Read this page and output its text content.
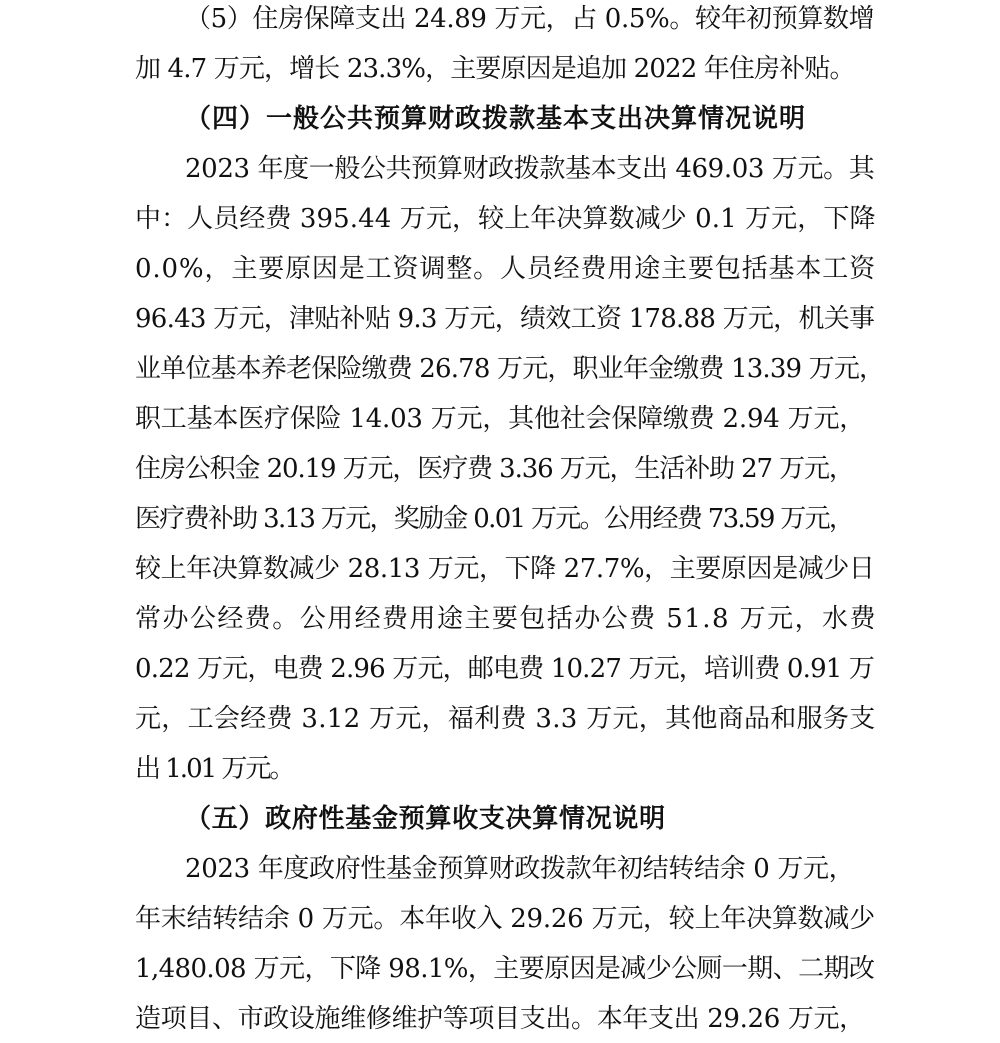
（5）住房保障支出 24.89 万元，占 0.5%。较年初预算数增
加 4.7 万元，增长 23.3%，主要原因是追加 2022 年住房补贴。
（四）一般公共预算财政拨款基本支出决算情况说明
2023 年度一般公共预算财政拨款基本支出 469.03 万元。其
中：人员经费 395.44 万元，较上年决算数减少 0.1 万元，下降
0.0%，主要原因是工资调整。人员经费用途主要包括基本工资
96.43 万元，津贴补贴 9.3 万元，绩效工资 178.88 万元，机关事
业单位基本养老保险缴费 26.78 万元，职业年金缴费 13.39 万元，
职工基本医疗保险 14.03 万元，其他社会保障缴费 2.94 万元，
住房公积金 20.19 万元，医疗费 3.36 万元，生活补助 27 万元，
医疗费补助 3.13 万元，奖励金 0.01 万元。公用经费 73.59 万元，
较上年决算数减少 28.13 万元，下降 27.7%，主要原因是减少日
常办公经费。公用经费用途主要包括办公费 51.8 万元，水费
0.22 万元，电费 2.96 万元，邮电费 10.27 万元，培训费 0.91 万
元，工会经费 3.12 万元，福利费 3.3 万元，其他商品和服务支
出 1.01 万元。
（五）政府性基金预算收支决算情况说明
2023 年度政府性基金预算财政拨款年初结转结余 0 万元，
年末结转结余 0 万元。本年收入 29.26 万元，较上年决算数减少
1,480.08 万元，下降 98.1%，主要原因是减少公厕一期、二期改
造项目、市政设施维修维护等项目支出。本年支出 29.26 万元，
